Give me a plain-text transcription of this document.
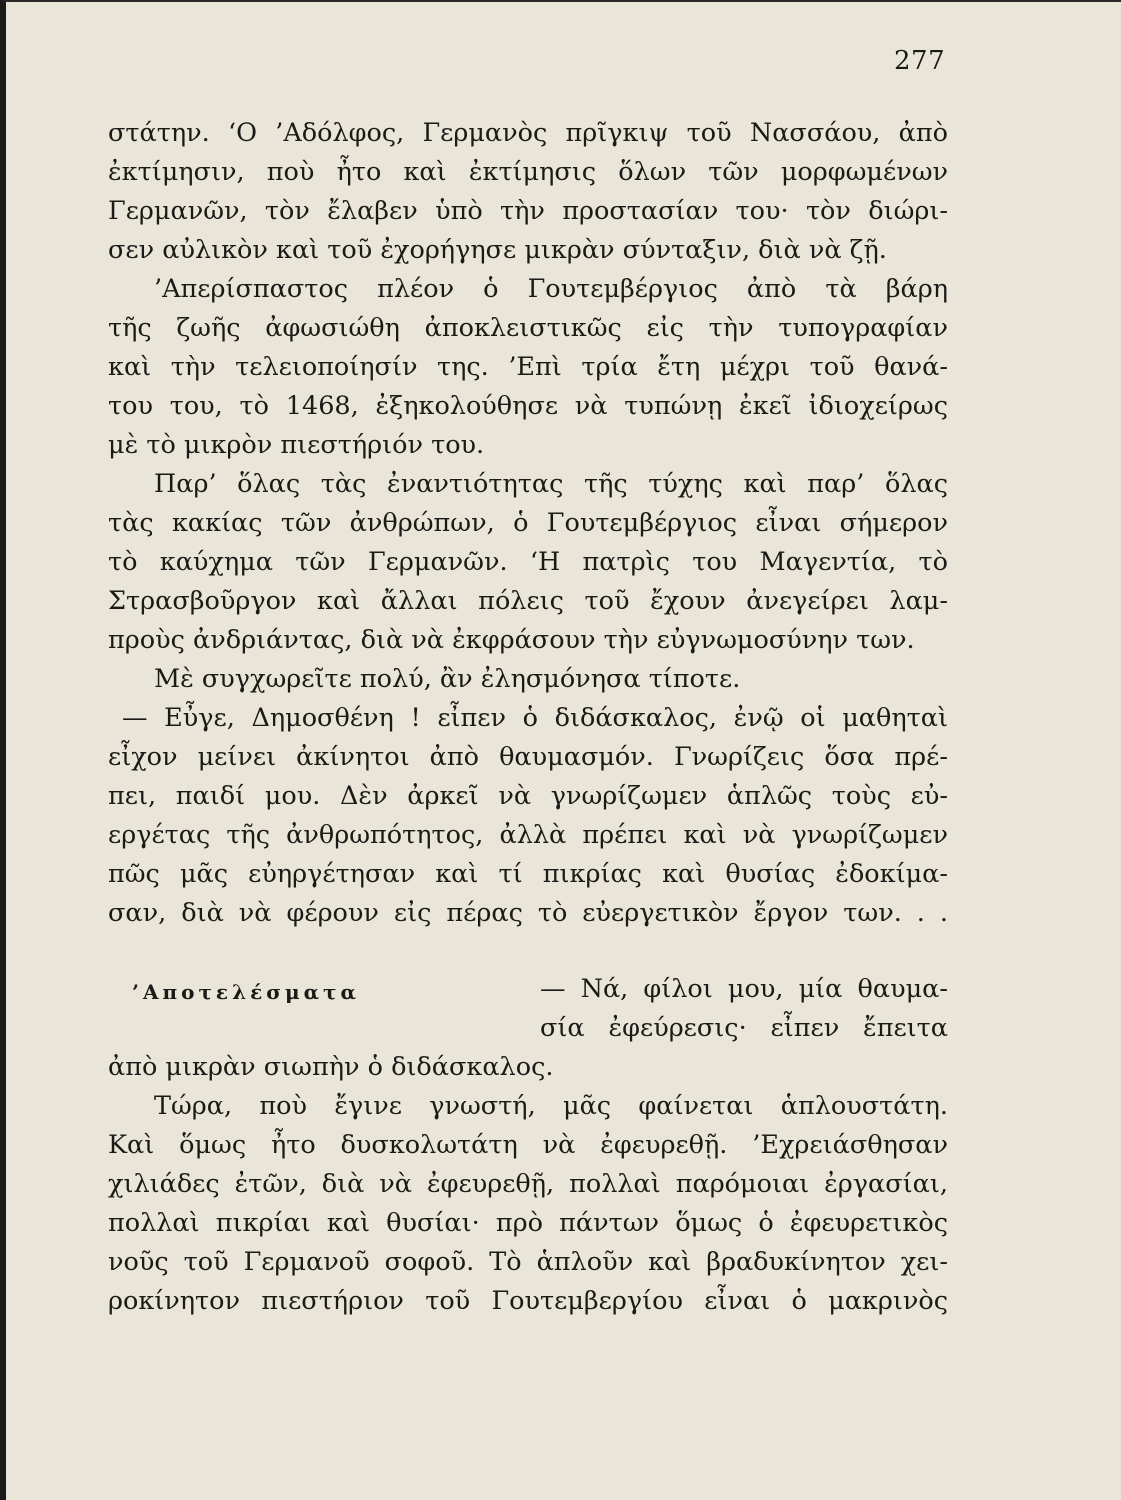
277
στάτην. ‘Ο ’Αδόλφος, Γερμανὸς πρῖγκιψ τοῦ Νασσάου, ἀπὸ
ἐκτίμησιν, ποὺ ἦτο καὶ ἐκτίμησις ὅλων τῶν μορφωμένων
Γερμανῶν, τὸν ἔλαβεν ὑπὸ τὴν προστασίαν του· τὸν διώρι-
σεν αὐλικὸν καὶ τοῦ ἐχορήγησε μικρὰν σύνταξιν, διὰ νὰ ζῇ.
’Απερίσπαστος πλέον ὁ Γουτεμβέργιος ἀπὸ τὰ βάρη
τῆς ζωῆς ἀφωσιώθη ἀποκλειστικῶς εἰς τὴν τυπογραφίαν
καὶ τὴν τελειοποίησίν της. ’Επὶ τρία ἔτη μέχρι τοῦ θανά-
του του, τὸ 1468, ἐξηκολούθησε νὰ τυπώνῃ ἐκεῖ ἰδιοχείρως
μὲ τὸ μικρὸν πιεστήριόν του.
Παρ’ ὅλας τὰς ἐναντιότητας τῆς τύχης καὶ παρ’ ὅλας
τὰς κακίας τῶν ἀνθρώπων, ὁ Γουτεμβέργιος εἶναι σήμερον
τὸ καύχημα τῶν Γερμανῶν. ‘Η πατρὶς του Μαγεντία, τὸ
Στρασβοῦργον καὶ ἄλλαι πόλεις τοῦ ἔχουν ἀνεγείρει λαμ-
προὺς ἀνδριάντας, διὰ νὰ ἐκφράσουν τὴν εὐγνωμοσύνην των.
Μὲ συγχωρεῖτε πολύ, ἂν ἐλησμόνησα τίποτε.
— Εὖγε, Δημοσθένη ! εἶπεν ὁ διδάσκαλος, ἐνῷ οἱ μαθηταὶ
εἶχον μείνει ἀκίνητοι ἀπὸ θαυμασμόν. Γνωρίζεις ὅσα πρέ-
πει, παιδί μου. Δὲν ἀρκεῖ νὰ γνωρίζωμεν ἁπλῶς τοὺς εὐ-
εργέτας τῆς ἀνθρωπότητος, ἀλλὰ πρέπει καὶ νὰ γνωρίζωμεν
πῶς μᾶς εὐηργέτησαν καὶ τί πικρίας καὶ θυσίας ἐδοκίμα-
σαν, διὰ νὰ φέρουν εἰς πέρας τὸ εὐεργετικὸν ἔργον των. . .
’Αποτελέσματα	— Νά, φίλοι μου, μία θαυμα-
σία ἐφεύρεσις· εἶπεν ἔπειτα
ἀπὸ μικρὰν σιωπὴν ὁ διδάσκαλος.
Τώρα, ποὺ ἔγινε γνωστή, μᾶς φαίνεται ἁπλουστάτη.
Καὶ ὅμως ἦτο δυσκολωτάτη νὰ ἐφευρεθῇ. ’Εχρειάσθησαν
χιλιάδες ἐτῶν, διὰ νὰ ἐφευρεθῇ, πολλαὶ παρόμοιαι ἐργασίαι,
πολλαὶ πικρίαι καὶ θυσίαι· πρὸ πάντων ὅμως ὁ ἐφευρετικὸς
νοῦς τοῦ Γερμανοῦ σοφοῦ. Τὸ ἁπλοῦν καὶ βραδυκίνητον χει-
ροκίνητον πιεστήριον τοῦ Γουτεμβεργίου εἶναι ὁ μακρινὸς
